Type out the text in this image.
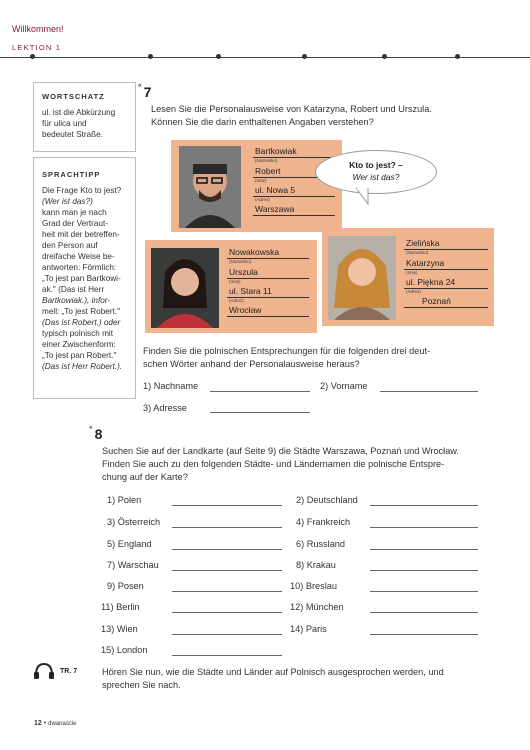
Willkommen!
LEKTION 1
WORTSCHATZ
ul. ist die Abkürzung
für ulica und
bedeutet Straße.
SPRACHTIPP
Die Frage Kto to jest?
(Wer ist das?)
kann man je nach
Grad der Vertraut-
heit mit der betreffen-
den Person auf
dreifache Weise be-
antworten: Förmlich:
„To jest pan Bartkowi-
ak." (Das ist Herr
Bartkowiak.), infor-
mell: „To jest Robert."
(Das ist Robert.) oder
typisch polnisch mit
einer Zwischenform:
„To jest pan Robert."
(Das ist Herr Robert.).
° 7
Lesen Sie die Personalausweise von Katarzyna, Robert und Urszula.
Können Sie die darin enthaltenen Angaben verstehen?
Bartkowiak
(Nazwisko)
Robert
(Imię)
ul. Nowa 5
(Adres)
Warszawa
Kto to jest? –
Wer ist das?
Nowakowska
(Nazwisko)
Urszula
(Imię)
ul. Stara 11
(Adres)
Wrocław
Zielińska
(Nazwisko)
Katarzyna
(Imię)
ul. Piękna 24
(Adres)
Poznań
Finden Sie die polnischen Entsprechungen für die folgenden drei deut-
schen Wörter anhand der Personalausweise heraus?
1) Nachname	2) Vorname
3) Adresse
° 8
Suchen Sie auf der Landkarte (auf Seite 9) die Städte Warszawa, Poznań und Wrocław.
Finden Sie auch zu den folgenden Städte- und Ländernamen die polnische Entspre-
chung auf der Karte?
1) Polen
3) Österreich
5) England
7) Warschau
9) Posen
11) Berlin
13) Wien
15) London
2) Deutschland
4) Frankreich
6) Russland
8) Krakau
10) Breslau
12) München
14) Paris
TR. 7	Hören Sie nun, wie die Städte und Länder auf Polnisch ausgesprochen werden, und
sprechen Sie nach.
12 • dwanaście
